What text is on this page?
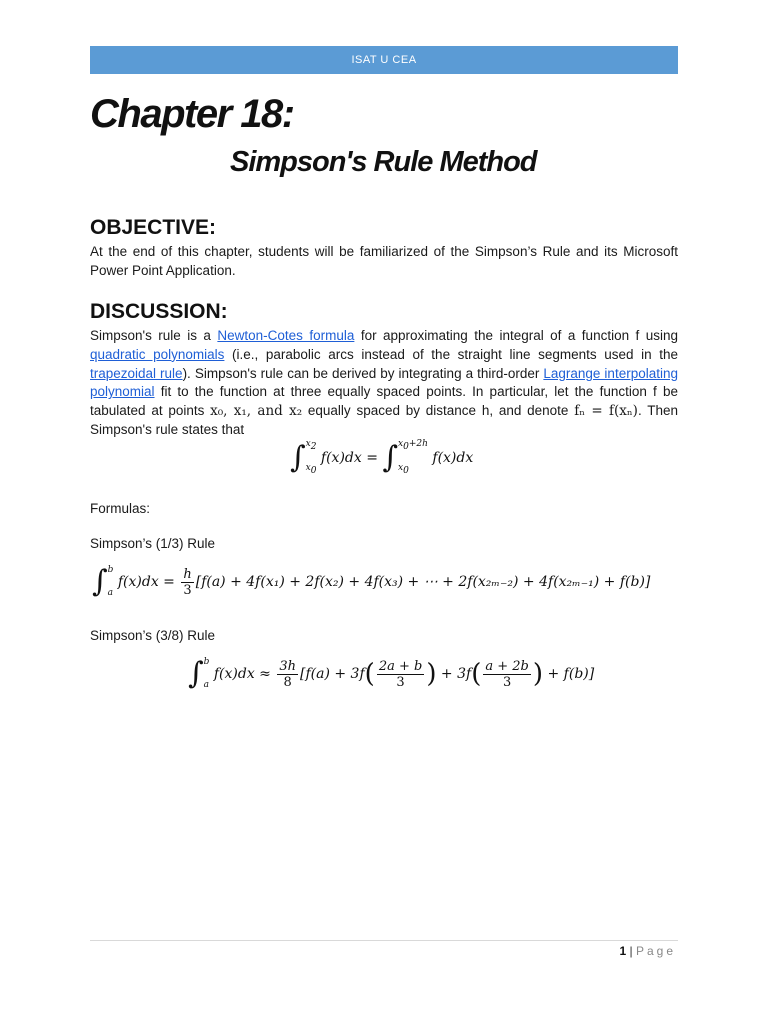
ISAT U CEA
Chapter 18:
Simpson's Rule Method
OBJECTIVE:
At the end of this chapter, students will be familiarized of the Simpson’s Rule and its Microsoft Power Point Application.
DISCUSSION:
Simpson's rule is a Newton-Cotes formula for approximating the integral of a function f using quadratic polynomials (i.e., parabolic arcs instead of the straight line segments used in the trapezoidal rule). Simpson's rule can be derived by integrating a third-order Lagrange interpolating polynomial fit to the function at three equally spaced points. In particular, let the function f be tabulated at points x₀, x₁, and x₂ equally spaced by distance h, and denote fₙ = f(xₙ). Then Simpson's rule states that
∫ $x_2$
$x_0$
f(x)dx = ∫ $x_0+2h$
$x_0$
f(x)dx
Formulas:
Simpson’s (1/3) Rule
∫ b
a
$f(x)dx = \frac{h}{3} [f(a) + 4f(x_1) + 2f(x_2) + 4f(x_3)$ + ⋯ + 2f(x₂ₘ₋₂) + 4f(x₂ₘ₋₁) + f(b)]
Simpson’s (3/8) Rule
∫ b
a
$f(x)dx \approx \frac{3h}{8} [f(a) + 3f( \frac{2a + b}{3}$ ) + $3f( \frac{a + 2b}{3}$ ) + f(b)]
1 | Page
